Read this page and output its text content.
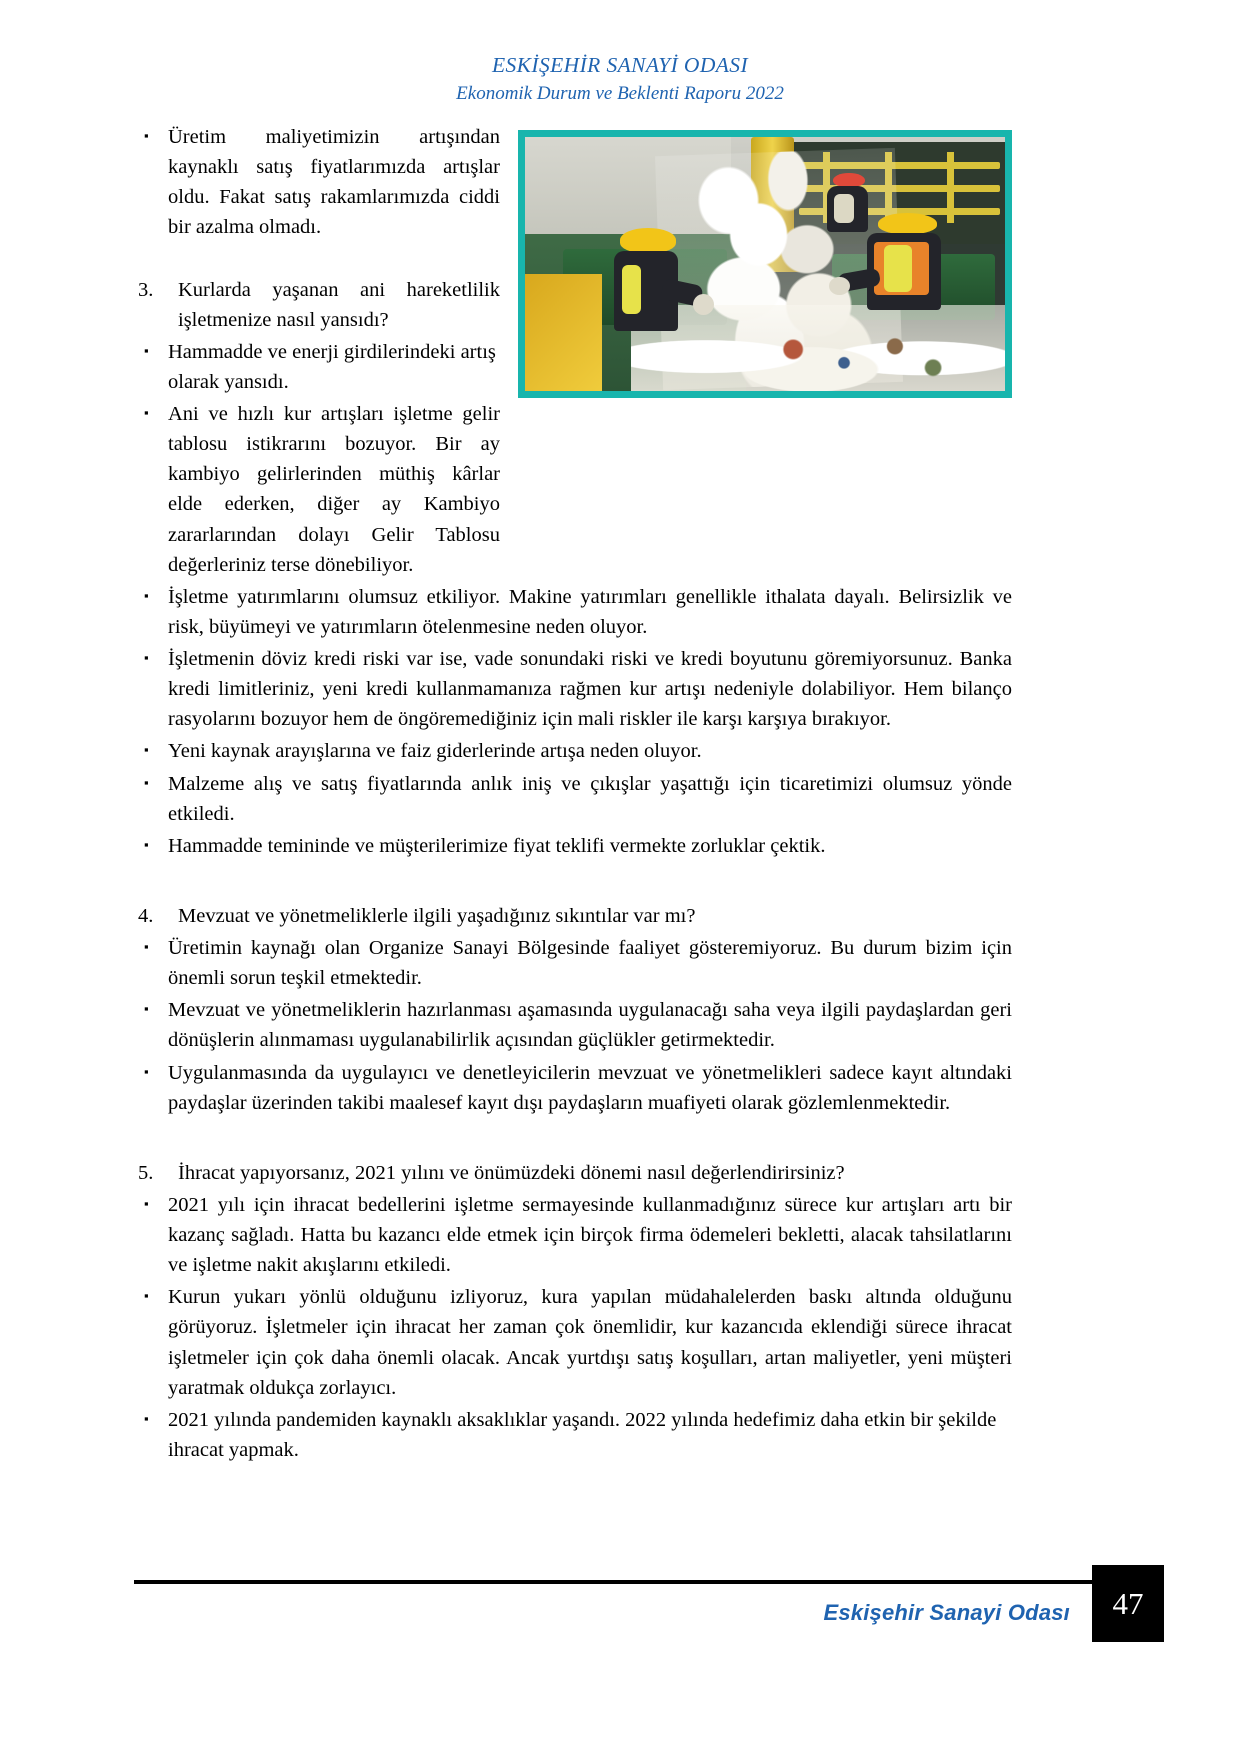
ESKİŞEHİR SANAYİ ODASI
Ekonomik Durum ve Beklenti Raporu 2022
▪
Üretim maliyetimizin artışından kaynaklı satış fiyatlarımızda artışlar oldu. Fakat satış rakamlarımızda ciddi bir azalma olmadı.
3.	Kurlarda yaşanan ani hareketlilik işletmenize nasıl yansıdı?
▪
Hammadde ve enerji girdilerindeki artış olarak yansıdı.
▪
Ani ve hızlı kur artışları işletme gelir tablosu istikrarını bozuyor. Bir ay kambiyo gelirlerinden müthiş kârlar elde ederken, diğer ay Kambiyo zararlarından dolayı Gelir Tablosu değerleriniz terse dönebiliyor.
▪
İşletme yatırımlarını olumsuz etkiliyor. Makine yatırımları genellikle ithalata dayalı. Belirsizlik ve risk, büyümeyi ve yatırımların ötelenmesine neden oluyor.
▪
İşletmenin döviz kredi riski var ise, vade sonundaki riski ve kredi boyutunu göremiyorsunuz. Banka kredi limitleriniz, yeni kredi kullanmamanıza rağmen kur artışı nedeniyle dolabiliyor. Hem bilanço rasyolarını bozuyor hem de öngöremediğiniz için mali riskler ile karşı karşıya bırakıyor.
▪
Yeni kaynak arayışlarına ve faiz giderlerinde artışa neden oluyor.
▪
Malzeme alış ve satış fiyatlarında anlık iniş ve çıkışlar yaşattığı için ticaretimizi olumsuz yönde etkiledi.
▪
Hammadde temininde ve müşterilerimize fiyat teklifi vermekte zorluklar çektik.
4.	Mevzuat ve yönetmeliklerle ilgili yaşadığınız sıkıntılar var mı?
▪
Üretimin kaynağı olan Organize Sanayi Bölgesinde faaliyet gösteremiyoruz. Bu durum bizim için önemli sorun teşkil etmektedir.
▪
Mevzuat ve yönetmeliklerin hazırlanması aşamasında uygulanacağı saha veya ilgili paydaşlardan geri dönüşlerin alınmaması uygulanabilirlik açısından güçlükler getirmektedir.
▪
Uygulanmasında da uygulayıcı ve denetleyicilerin mevzuat ve yönetmelikleri sadece kayıt altındaki paydaşlar üzerinden takibi maalesef kayıt dışı paydaşların muafiyeti olarak gözlemlenmektedir.
5.	İhracat yapıyorsanız, 2021 yılını ve önümüzdeki dönemi nasıl değerlendirirsiniz?
▪
2021 yılı için ihracat bedellerini işletme sermayesinde kullanmadığınız sürece kur artışları artı bir kazanç sağladı. Hatta bu kazancı elde etmek için birçok firma ödemeleri bekletti, alacak tahsilatlarını ve işletme nakit akışlarını etkiledi.
▪
Kurun yukarı yönlü olduğunu izliyoruz, kura yapılan müdahalelerden baskı altında olduğunu görüyoruz. İşletmeler için ihracat her zaman çok önemlidir, kur kazancıda eklendiği sürece ihracat işletmeler için çok daha önemli olacak. Ancak yurtdışı satış koşulları, artan maliyetler, yeni müşteri yaratmak oldukça zorlayıcı.
▪
2021 yılında pandemiden kaynaklı aksaklıklar yaşandı. 2022 yılında hedefimiz daha etkin bir şekilde ihracat yapmak.
Eskişehir Sanayi Odası	47
